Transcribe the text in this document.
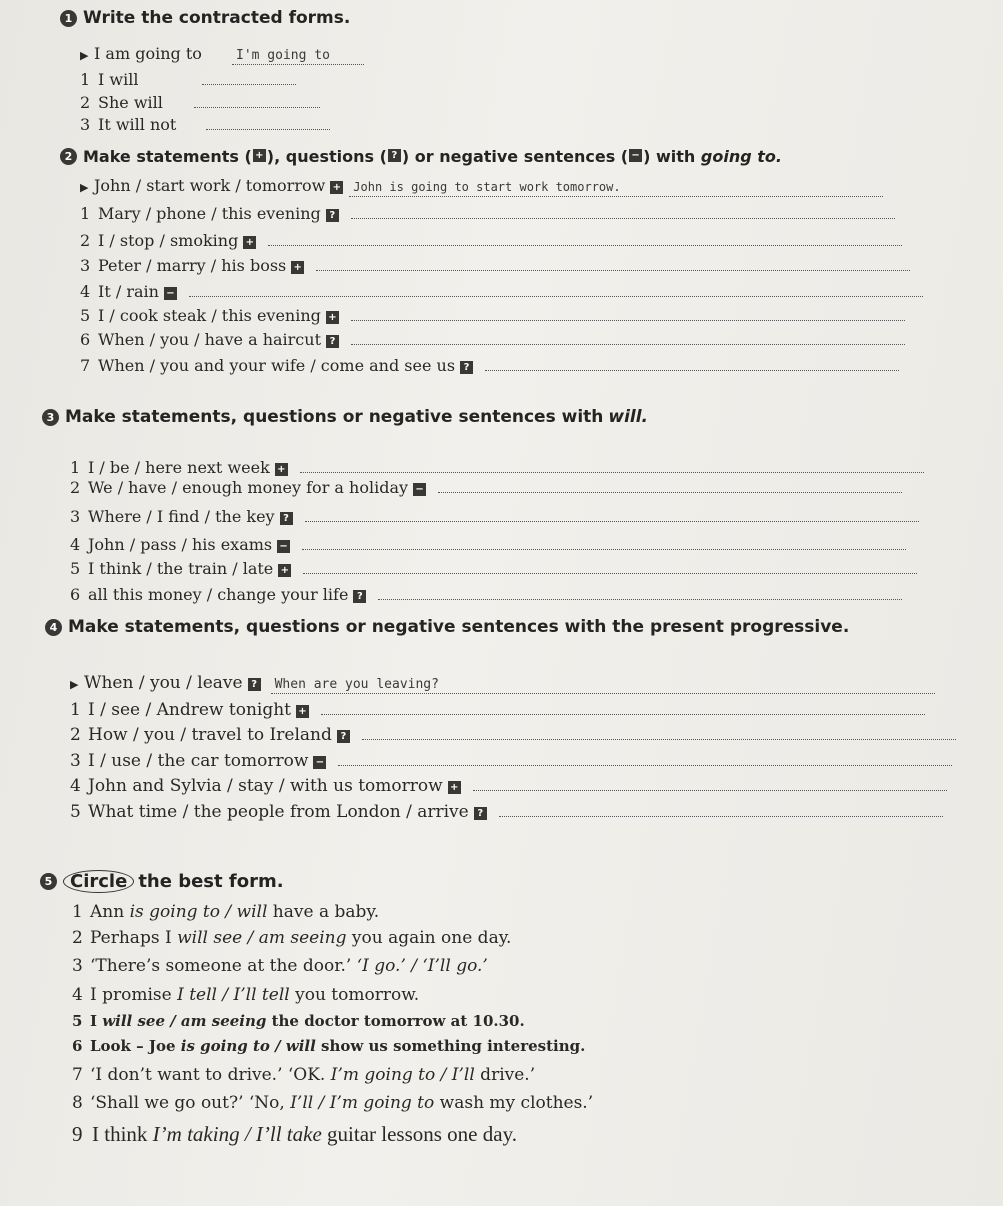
1 Write the contracted forms.
▶ I am going to	I'm going to
1 I will
2 She will
3 It will not
2 Make statements ( + ), questions ( ? ) or negative sentences ( − ) with going to.
▶ John / start work / tomorrow +	John is going to start work tomorrow.
1 Mary / phone / this evening ?
2 I / stop / smoking +
3 Peter / marry / his boss +
4 It / rain −
5 I / cook steak / this evening +
6 When / you / have a haircut ?
7 When / you and your wife / come and see us ?
3 Make statements, questions or negative sentences with will.
1 I / be / here next week +
2 We / have / enough money for a holiday −
3 Where / I find / the key ?
4 John / pass / his exams −
5 I think / the train / late +
6 all this money / change your life ?
4 Make statements, questions or negative sentences with the present progressive.
▶ When / you / leave ?	When are you leaving?
1 I / see / Andrew tonight +
2 How / you / travel to Ireland ?
3 I / use / the car tomorrow −
4 John and Sylvia / stay / with us tomorrow +
5 What time / the people from London / arrive ?
5 Circle the best form.
1 Ann is going to / will have a baby.
2 Perhaps I will see / am seeing you again one day.
3 ‘There’s someone at the door.’ ‘I go.’ / ‘I’ll go.’
4 I promise I tell / I’ll tell you tomorrow.
5 I will see / am seeing the doctor tomorrow at 10.30.
6 Look – Joe is going to / will show us something interesting.
7 ‘I don’t want to drive.’ ‘OK. I’m going to / I’ll drive.’
8 ‘Shall we go out?’ ‘No, I’ll / I’m going to wash my clothes.’
9 I think I’m taking / I’ll take guitar lessons one day.
